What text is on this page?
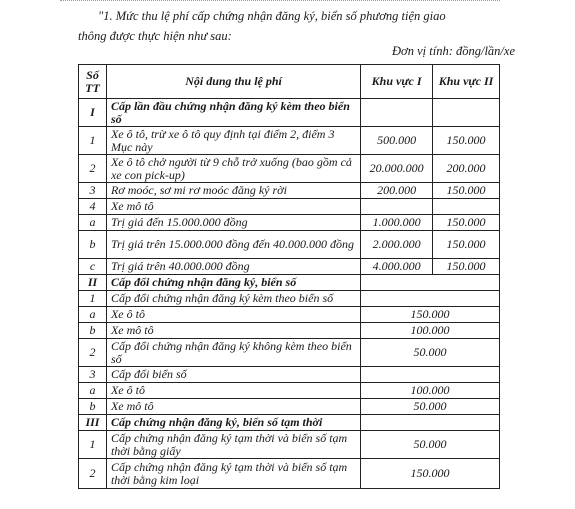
"1. Mức thu lệ phí cấp chứng nhận đăng ký, biển số phương tiện giao
thông được thực hiện như sau:
Đơn vị tính: đồng/lần/xe
Số TT	Nội dung thu lệ phí	Khu vực I	Khu vực II
I	Cấp lần đầu chứng nhận đăng ký kèm theo biển số		
1	Xe ô tô, trừ xe ô tô quy định tại điểm 2, điểm 3 Mục này	500.000	150.000
2	Xe ô tô chở người từ 9 chỗ trở xuống (bao gồm cả xe con pick-up)	20.000.000	200.000
3	Rơ moóc, sơ mi rơ moóc đăng ký rời	200.000	150.000
4	Xe mô tô		
a	Trị giá đến 15.000.000 đồng	1.000.000	150.000
b	Trị giá trên 15.000.000 đồng đến 40.000.000 đồng	2.000.000	150.000
c	Trị giá trên 40.000.000 đồng	4.000.000	150.000
II	Cấp đổi chứng nhận đăng ký, biển số		
1	Cấp đổi chứng nhận đăng ký kèm theo biển số		
a	Xe ô tô	150.000	
b	Xe mô tô	100.000	
2	Cấp đổi chứng nhận đăng ký không kèm theo biển số	50.000	
3	Cấp đổi biển số		
a	Xe ô tô	100.000	
b	Xe mô tô	50.000	
III	Cấp chứng nhận đăng ký, biển số tạm thời		
1	Cấp chứng nhận đăng ký tạm thời và biển số tạm thời bằng giấy	50.000	
2	Cấp chứng nhận đăng ký tạm thời và biển số tạm thời bằng kim loại	150.000	
